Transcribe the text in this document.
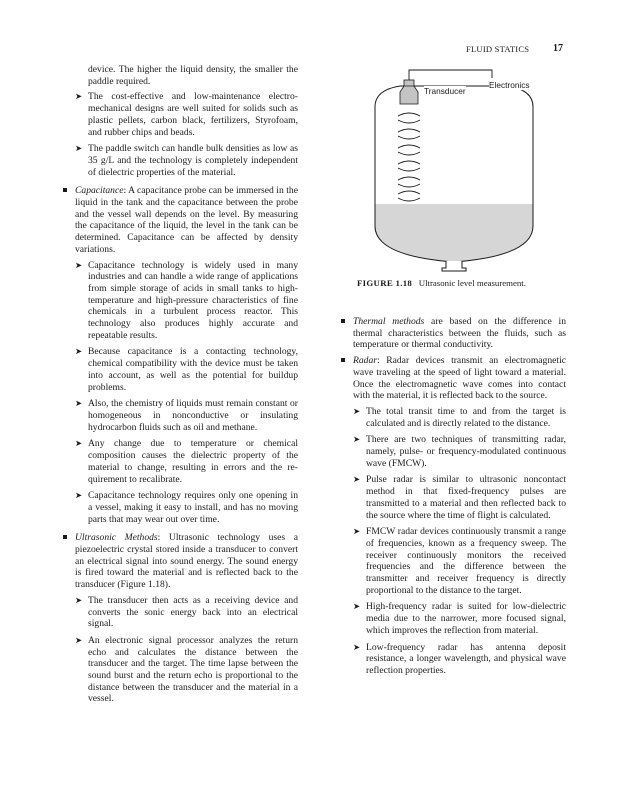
FLUID STATICS 17

device. The higher the liquid density, the smaller the paddle required.

➤ The cost-effective and low-maintenance electro-mechanical designs are well suited for solids such as plastic pellets, carbon black, fertilizers, Styrofoam, and rubber chips and beads.
➤ The paddle switch can handle bulk densities as low as 35 g/L and the technology is completely independent of dielectric properties of the material.
Capacitance: A capacitance probe can be immersed in the liquid in the tank and the capacitance between the probe and the vessel wall depends on the level. By measuring the capacitance of the liquid, the level in the tank can be determined. Capacitance can be affected by density variations.
➤ Capacitance technology is widely used in many industries and can handle a wide range of applications from simple storage of acids in small tanks to high-temperature and high-pressure characteristics of fine chemicals in a turbulent process reactor. This technology also produces highly accurate and repeatable results.
➤ Because capacitance is a contacting technology, chemical compatibility with the device must be taken into account, as well as the potential for buildup problems.
➤ Also, the chemistry of liquids must remain constant or homogeneous in nonconductive or insulating hydrocarbon fluids such as oil and methane.
➤ Any change due to temperature or chemical composition causes the dielectric property of the material to change, resulting in errors and the re-quirement to recalibrate.
➤ Capacitance technology requires only one opening in a vessel, making it easy to install, and has no moving parts that may wear out over time.
Ultrasonic Methods: Ultrasonic technology uses a piezoelectric crystal stored inside a transducer to convert an electrical signal into sound energy. The sound energy is fired toward the material and is reflected back to the transducer (Figure 1.18).
➤ The transducer then acts as a receiving device and converts the sonic energy back into an electrical signal.
➤ An electronic signal processor analyzes the return echo and calculates the distance between the transducer and the target. The time lapse between the sound burst and the return echo is proportional to the distance between the transducer and the material in a vessel.
Electronics
Transducer
FIGURE 1.18 Ultrasonic level measurement.
Thermal methods are based on the difference in thermal characteristics between the fluids, such as temperature or thermal conductivity.
Radar: Radar devices transmit an electromagnetic wave traveling at the speed of light toward a material. Once the electromagnetic wave comes into contact with the material, it is reflected back to the source.
➤ The total transit time to and from the target is calculated and is directly related to the distance.
➤ There are two techniques of transmitting radar, namely, pulse- or frequency-modulated continuous wave (FMCW).
➤ Pulse radar is similar to ultrasonic noncontact method in that fixed-frequency pulses are transmitted to a material and then reflected back to the source where the time of flight is calculated.
➤ FMCW radar devices continuously transmit a range of frequencies, known as a frequency sweep. The receiver continuously monitors the received frequencies and the difference between the transmitter and receiver frequency is directly proportional to the distance to the target.
➤ High-frequency radar is suited for low-dielectric media due to the narrower, more focused signal, which improves the reflection from material.
➤ Low-frequency radar has antenna deposit resistance, a longer wavelength, and physical wave reflection properties.
